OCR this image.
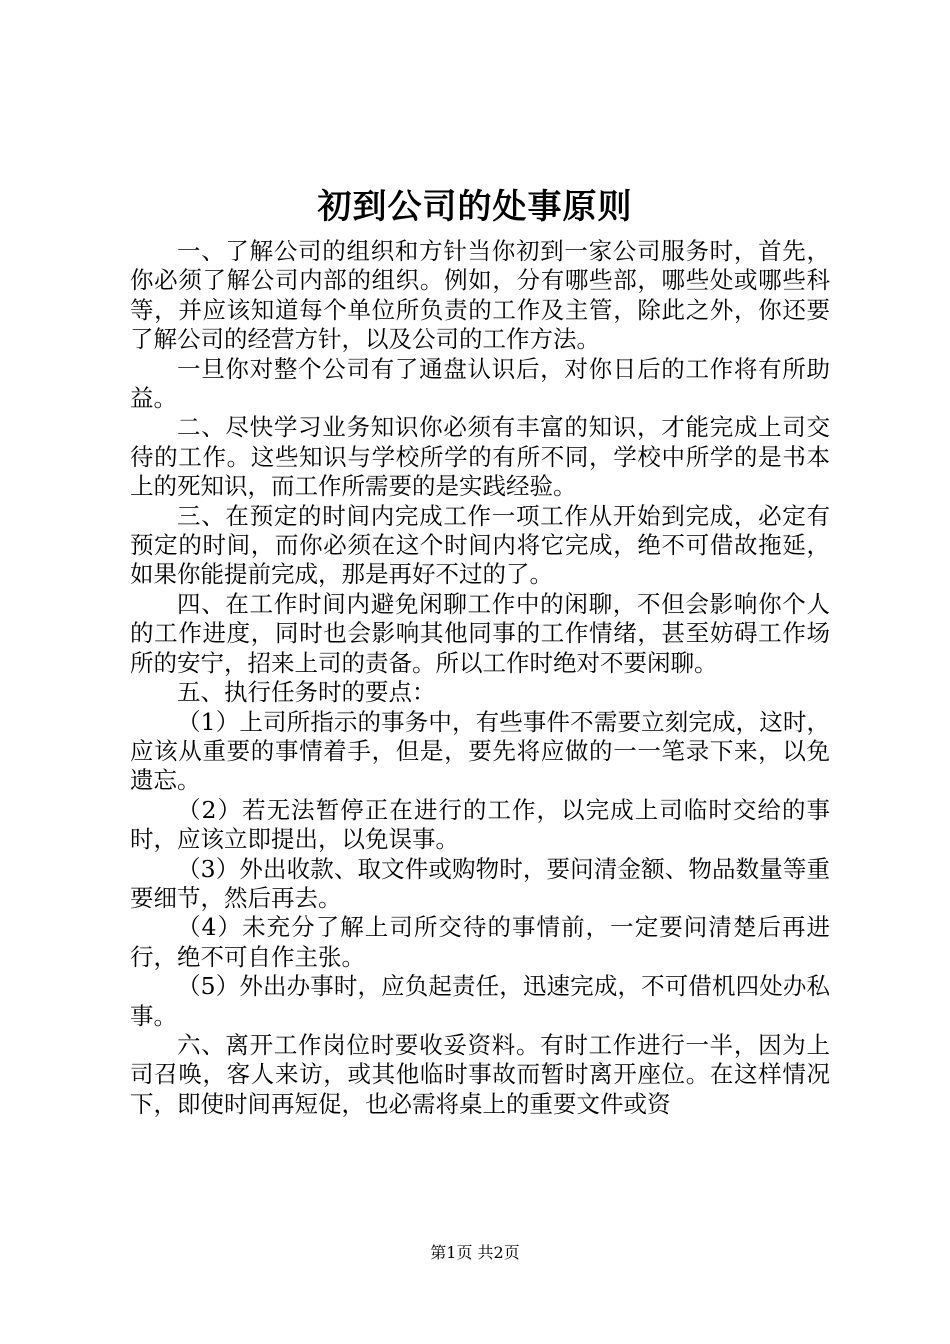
初到公司的处事原则

一、了解公司的组织和方针当你初到一家公司服务时，首先，你必须了解公司内部的组织。例如，分有哪些部，哪些处或哪些科等，并应该知道每个单位所负责的工作及主管，除此之外，你还要了解公司的经营方针，以及公司的工作方法。

一旦你对整个公司有了通盘认识后，对你日后的工作将有所助益。

二、尽快学习业务知识你必须有丰富的知识，才能完成上司交待的工作。这些知识与学校所学的有所不同，学校中所学的是书本上的死知识，而工作所需要的是实践经验。

三、在预定的时间内完成工作一项工作从开始到完成，必定有预定的时间，而你必须在这个时间内将它完成，绝不可借故拖延，如果你能提前完成，那是再好不过的了。

四、在工作时间内避免闲聊工作中的闲聊，不但会影响你个人的工作进度，同时也会影响其他同事的工作情绪，甚至妨碍工作场所的安宁，招来上司的责备。所以工作时绝对不要闲聊。

五、执行任务时的要点：

（1）上司所指示的事务中，有些事件不需要立刻完成，这时，应该从重要的事情着手，但是，要先将应做的一一笔录下来，以免遗忘。

（2）若无法暂停正在进行的工作，以完成上司临时交给的事时，应该立即提出，以免误事。

（3）外出收款、取文件或购物时，要问清金额、物品数量等重要细节，然后再去。

（4）未充分了解上司所交待的事情前，一定要问清楚后再进行，绝不可自作主张。

（5）外出办事时，应负起责任，迅速完成，不可借机四处办私事。

六、离开工作岗位时要收妥资料。有时工作进行一半，因为上司召唤，客人来访，或其他临时事故而暂时离开座位。在这样情况下，即使时间再短促，也必需将桌上的重要文件或资

第1页 共2页
